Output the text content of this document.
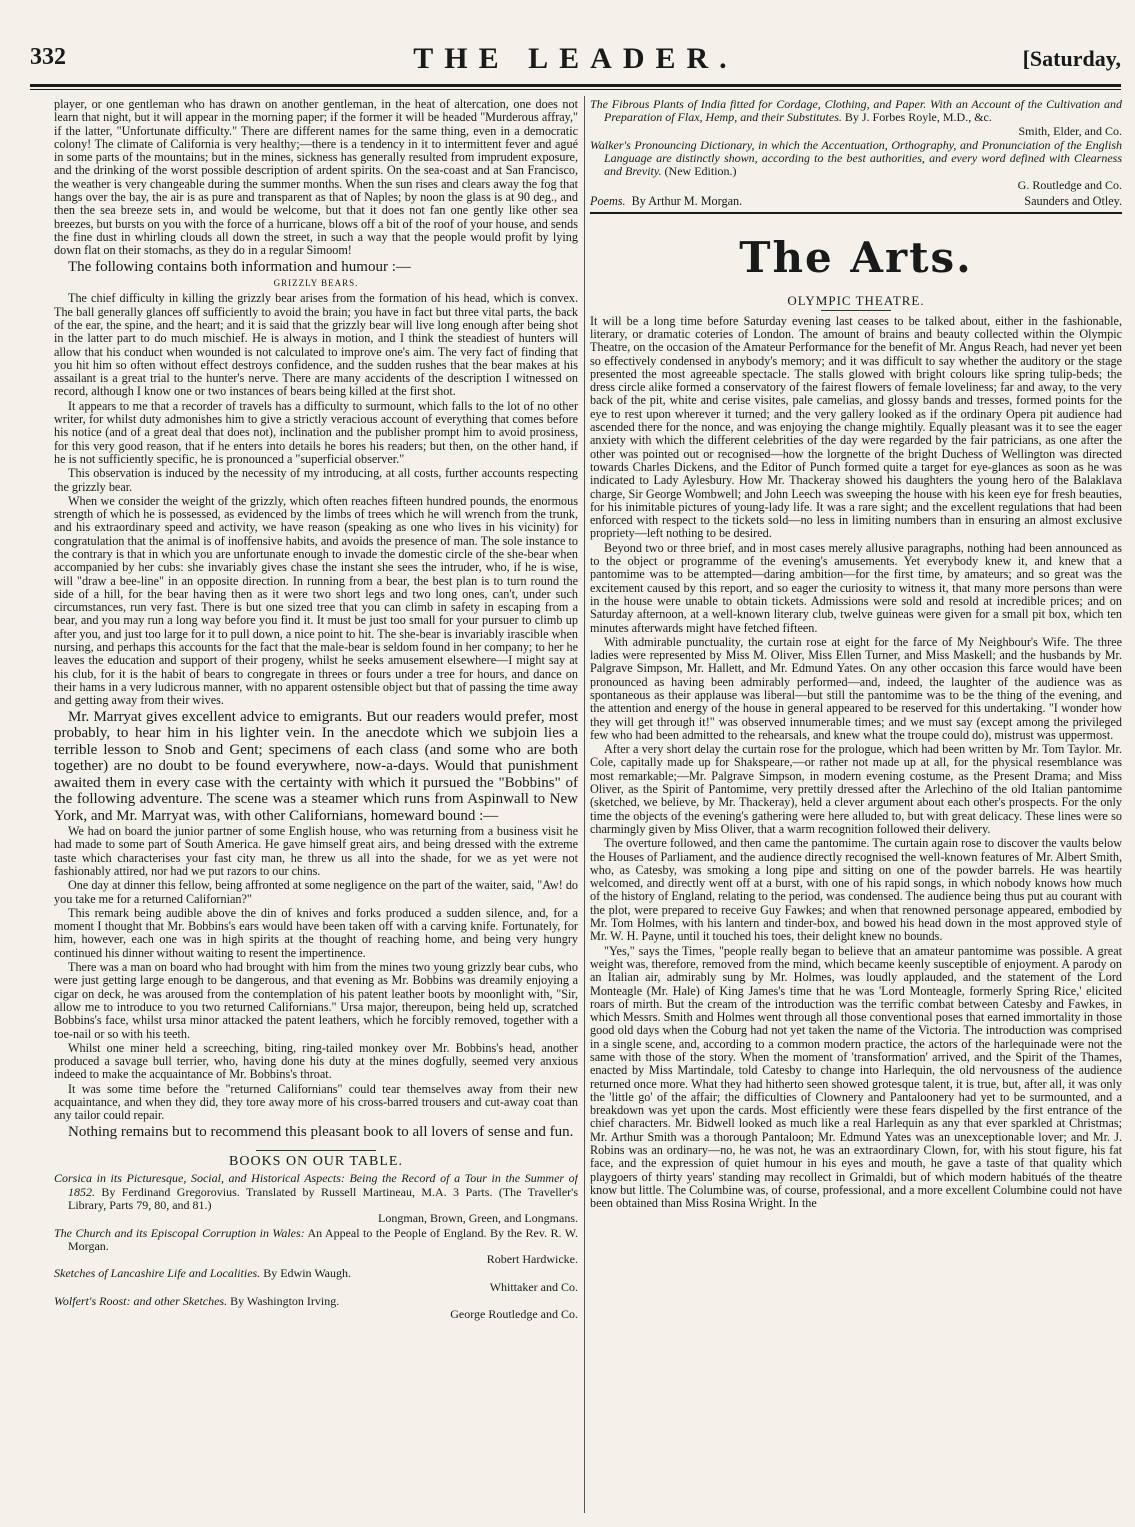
332	THE LEADER.	[Saturday,

player, or one gentleman who has drawn on another gentleman, in the heat of altercation, one does not learn that night, but it will appear in the morning paper; if the former it will be headed "Murderous affray," if the latter, "Unfortunate difficulty." There are different names for the same thing, even in a democratic colony! The climate of California is very healthy;—there is a tendency in it to intermittent fever and agué in some parts of the mountains; but in the mines, sickness has generally resulted from imprudent exposure, and the drinking of the worst possible description of ardent spirits. On the sea-coast and at San Francisco, the weather is very changeable during the summer months. When the sun rises and clears away the fog that hangs over the bay, the air is as pure and transparent as that of Naples; by noon the glass is at 90 deg., and then the sea breeze sets in, and would be welcome, but that it does not fan one gently like other sea breezes, but bursts on you with the force of a hurricane, blows off a bit of the roof of your house, and sends the fine dust in whirling clouds all down the street, in such a way that the people would profit by lying down flat on their stomachs, as they do in a regular Simoom!

The following contains both information and humour :—

GRIZZLY BEARS.

The chief difficulty in killing the grizzly bear arises from the formation of his head, which is convex. The ball generally glances off sufficiently to avoid the brain; you have in fact but three vital parts, the back of the ear, the spine, and the heart; and it is said that the grizzly bear will live long enough after being shot in the latter part to do much mischief. He is always in motion, and I think the steadiest of hunters will allow that his conduct when wounded is not calculated to improve one's aim. The very fact of finding that you hit him so often without effect destroys confidence, and the sudden rushes that the bear makes at his assailant is a great trial to the hunter's nerve. There are many accidents of the description I witnessed on record, although I know one or two instances of bears being killed at the first shot.

It appears to me that a recorder of travels has a difficulty to surmount, which falls to the lot of no other writer, for whilst duty admonishes him to give a strictly veracious account of everything that comes before his notice (and of a great deal that does not), inclination and the publisher prompt him to avoid prosiness, for this very good reason, that if he enters into details he bores his readers; but then, on the other hand, if he is not sufficiently specific, he is pronounced a "superficial observer."

This observation is induced by the necessity of my introducing, at all costs, further accounts respecting the grizzly bear.

When we consider the weight of the grizzly, which often reaches fifteen hundred pounds, the enormous strength of which he is possessed, as evidenced by the limbs of trees which he will wrench from the trunk, and his extraordinary speed and activity, we have reason (speaking as one who lives in his vicinity) for congratulation that the animal is of inoffensive habits, and avoids the presence of man. The sole instance to the contrary is that in which you are unfortunate enough to invade the domestic circle of the she-bear when accompanied by her cubs: she invariably gives chase the instant she sees the intruder, who, if he is wise, will "draw a bee-line" in an opposite direction. In running from a bear, the best plan is to turn round the side of a hill, for the bear having then as it were two short legs and two long ones, can't, under such circumstances, run very fast. There is but one sized tree that you can climb in safety in escaping from a bear, and you may run a long way before you find it. It must be just too small for your pursuer to climb up after you, and just too large for it to pull down, a nice point to hit. The she-bear is invariably irascible when nursing, and perhaps this accounts for the fact that the male-bear is seldom found in her company; to her he leaves the education and support of their progeny, whilst he seeks amusement elsewhere—I might say at his club, for it is the habit of bears to congregate in threes or fours under a tree for hours, and dance on their hams in a very ludicrous manner, with no apparent ostensible object but that of passing the time away and getting away from their wives.

Mr. Marryat gives excellent advice to emigrants. But our readers would prefer, most probably, to hear him in his lighter vein. In the anecdote which we subjoin lies a terrible lesson to Snob and Gent; specimens of each class (and some who are both together) are no doubt to be found everywhere, now-a-days. Would that punishment awaited them in every case with the certainty with which it pursued the "Bobbins" of the following adventure. The scene was a steamer which runs from Aspinwall to New York, and Mr. Marryat was, with other Californians, homeward bound :—

We had on board the junior partner of some English house, who was returning from a business visit he had made to some part of South America. He gave himself great airs, and being dressed with the extreme taste which characterises your fast city man, he threw us all into the shade, for we as yet were not fashionably attired, nor had we put razors to our chins.

One day at dinner this fellow, being affronted at some negligence on the part of the waiter, said, "Aw! do you take me for a returned Californian?"

This remark being audible above the din of knives and forks produced a sudden silence, and, for a moment I thought that Mr. Bobbins's ears would have been taken off with a carving knife. Fortunately, for him, however, each one was in high spirits at the thought of reaching home, and being very hungry continued his dinner without waiting to resent the impertinence.

There was a man on board who had brought with him from the mines two young grizzly bear cubs, who were just getting large enough to be dangerous, and that evening as Mr. Bobbins was dreamily enjoying a cigar on deck, he was aroused from the contemplation of his patent leather boots by moonlight with, "Sir, allow me to introduce to you two returned Californians." Ursa major, thereupon, being held up, scratched Bobbins's face, whilst ursa minor attacked the patent leathers, which he forcibly removed, together with a toe-nail or so with his teeth.

Whilst one miner held a screeching, biting, ring-tailed monkey over Mr. Bobbins's head, another produced a savage bull terrier, who, having done his duty at the mines dogfully, seemed very anxious indeed to make the acquaintance of Mr. Bobbins's throat.

It was some time before the "returned Californians" could tear themselves away from their new acquaintance, and when they did, they tore away more of his cross-barred trousers and cut-away coat than any tailor could repair.

Nothing remains but to recommend this pleasant book to all lovers of sense and fun.

BOOKS ON OUR TABLE.
Corsica in its Picturesque, Social, and Historical Aspects: Being the Record of a Tour in the Summer of 1852. By Ferdinand Gregorovius. Translated by Russell Martineau, M.A. 3 Parts. (The Traveller's Library, Parts 79, 80, and 81.)
Longman, Brown, Green, and Longmans.
The Church and its Episcopal Corruption in Wales: An Appeal to the People of England. By the Rev. R. W. Morgan.
Robert Hardwicke.
Sketches of Lancashire Life and Localities. By Edwin Waugh.
Whittaker and Co.
Wolfert's Roost: and other Sketches. By Washington Irving.
George Routledge and Co.
The Fibrous Plants of India fitted for Cordage, Clothing, and Paper. With an Account of the Cultivation and Preparation of Flax, Hemp, and their Substitutes. By J. Forbes Royle, M.D., &c.
Smith, Elder, and Co.
Walker's Pronouncing Dictionary, in which the Accentuation, Orthography, and Pronunciation of the English Language are distinctly shown, according to the best authorities, and every word defined with Clearness and Brevity. (New Edition.)
G. Routledge and Co.
Poems. By Arthur M. Morgan.	Saunders and Otley.
The Arts.
OLYMPIC THEATRE.

It will be a long time before Saturday evening last ceases to be talked about, either in the fashionable, literary, or dramatic coteries of London. The amount of brains and beauty collected within the Olympic Theatre, on the occasion of the Amateur Performance for the benefit of Mr. Angus Reach, had never yet been so effectively condensed in anybody's memory; and it was difficult to say whether the auditory or the stage presented the most agreeable spectacle. The stalls glowed with bright colours like spring tulip-beds; the dress circle alike formed a conservatory of the fairest flowers of female loveliness; far and away, to the very back of the pit, white and cerise visites, pale camelias, and glossy bands and tresses, formed points for the eye to rest upon wherever it turned; and the very gallery looked as if the ordinary Opera pit audience had ascended there for the nonce, and was enjoying the change mightily. Equally pleasant was it to see the eager anxiety with which the different celebrities of the day were regarded by the fair patricians, as one after the other was pointed out or recognised—how the lorgnette of the bright Duchess of Wellington was directed towards Charles Dickens, and the Editor of Punch formed quite a target for eye-glances as soon as he was indicated to Lady Aylesbury. How Mr. Thackeray showed his daughters the young hero of the Balaklava charge, Sir George Wombwell; and John Leech was sweeping the house with his keen eye for fresh beauties, for his inimitable pictures of young-lady life. It was a rare sight; and the excellent regulations that had been enforced with respect to the tickets sold—no less in limiting numbers than in ensuring an almost exclusive propriety—left nothing to be desired.

Beyond two or three brief, and in most cases merely allusive paragraphs, nothing had been announced as to the object or programme of the evening's amusements. Yet everybody knew it, and knew that a pantomime was to be attempted—daring ambition—for the first time, by amateurs; and so great was the excitement caused by this report, and so eager the curiosity to witness it, that many more persons than were in the house were unable to obtain tickets. Admissions were sold and resold at incredible prices; and on Saturday afternoon, at a well-known literary club, twelve guineas were given for a small pit box, which ten minutes afterwards might have fetched fifteen.

With admirable punctuality, the curtain rose at eight for the farce of My Neighbour's Wife. The three ladies were represented by Miss M. Oliver, Miss Ellen Turner, and Miss Maskell; and the husbands by Mr. Palgrave Simpson, Mr. Hallett, and Mr. Edmund Yates. On any other occasion this farce would have been pronounced as having been admirably performed—and, indeed, the laughter of the audience was as spontaneous as their applause was liberal—but still the pantomime was to be the thing of the evening, and the attention and energy of the house in general appeared to be reserved for this undertaking. "I wonder how they will get through it!" was observed innumerable times; and we must say (except among the privileged few who had been admitted to the rehearsals, and knew what the troupe could do), mistrust was uppermost.

After a very short delay the curtain rose for the prologue, which had been written by Mr. Tom Taylor. Mr. Cole, capitally made up for Shakspeare,—or rather not made up at all, for the physical resemblance was most remarkable;—Mr. Palgrave Simpson, in modern evening costume, as the Present Drama; and Miss Oliver, as the Spirit of Pantomime, very prettily dressed after the Arlechino of the old Italian pantomime (sketched, we believe, by Mr. Thackeray), held a clever argument about each other's prospects. For the only time the objects of the evening's gathering were here alluded to, but with great delicacy. These lines were so charmingly given by Miss Oliver, that a warm recognition followed their delivery.

The overture followed, and then came the pantomime. The curtain again rose to discover the vaults below the Houses of Parliament, and the audience directly recognised the well-known features of Mr. Albert Smith, who, as Catesby, was smoking a long pipe and sitting on one of the powder barrels. He was heartily welcomed, and directly went off at a burst, with one of his rapid songs, in which nobody knows how much of the history of England, relating to the period, was condensed. The audience being thus put au courant with the plot, were prepared to receive Guy Fawkes; and when that renowned personage appeared, embodied by Mr. Tom Holmes, with his lantern and tinder-box, and bowed his head down in the most approved style of Mr. W. H. Payne, until it touched his toes, their delight knew no bounds.

"Yes," says the Times, "people really began to believe that an amateur pantomime was possible. A great weight was, therefore, removed from the mind, which became keenly susceptible of enjoyment. A parody on an Italian air, admirably sung by Mr. Holmes, was loudly applauded, and the statement of the Lord Monteagle (Mr. Hale) of King James's time that he was 'Lord Monteagle, formerly Spring Rice,' elicited roars of mirth. But the cream of the introduction was the terrific combat between Catesby and Fawkes, in which Messrs. Smith and Holmes went through all those conventional poses that earned immortality in those good old days when the Coburg had not yet taken the name of the Victoria. The introduction was comprised in a single scene, and, according to a common modern practice, the actors of the harlequinade were not the same with those of the story. When the moment of 'transformation' arrived, and the Spirit of the Thames, enacted by Miss Martindale, told Catesby to change into Harlequin, the old nervousness of the audience returned once more. What they had hitherto seen showed grotesque talent, it is true, but, after all, it was only the 'little go' of the affair; the difficulties of Clownery and Pantaloonery had yet to be surmounted, and a breakdown was yet upon the cards. Most efficiently were these fears dispelled by the first entrance of the chief characters. Mr. Bidwell looked as much like a real Harlequin as any that ever sparkled at Christmas; Mr. Arthur Smith was a thorough Pantaloon; Mr. Edmund Yates was an unexceptionable lover; and Mr. J. Robins was an ordinary—no, he was not, he was an extraordinary Clown, for, with his stout figure, his fat face, and the expression of quiet humour in his eyes and mouth, he gave a taste of that quality which playgoers of thirty years' standing may recollect in Grimaldi, but of which modern habitués of the theatre know but little. The Columbine was, of course, professional, and a more excellent Columbine could not have been obtained than Miss Rosina Wright. In the
